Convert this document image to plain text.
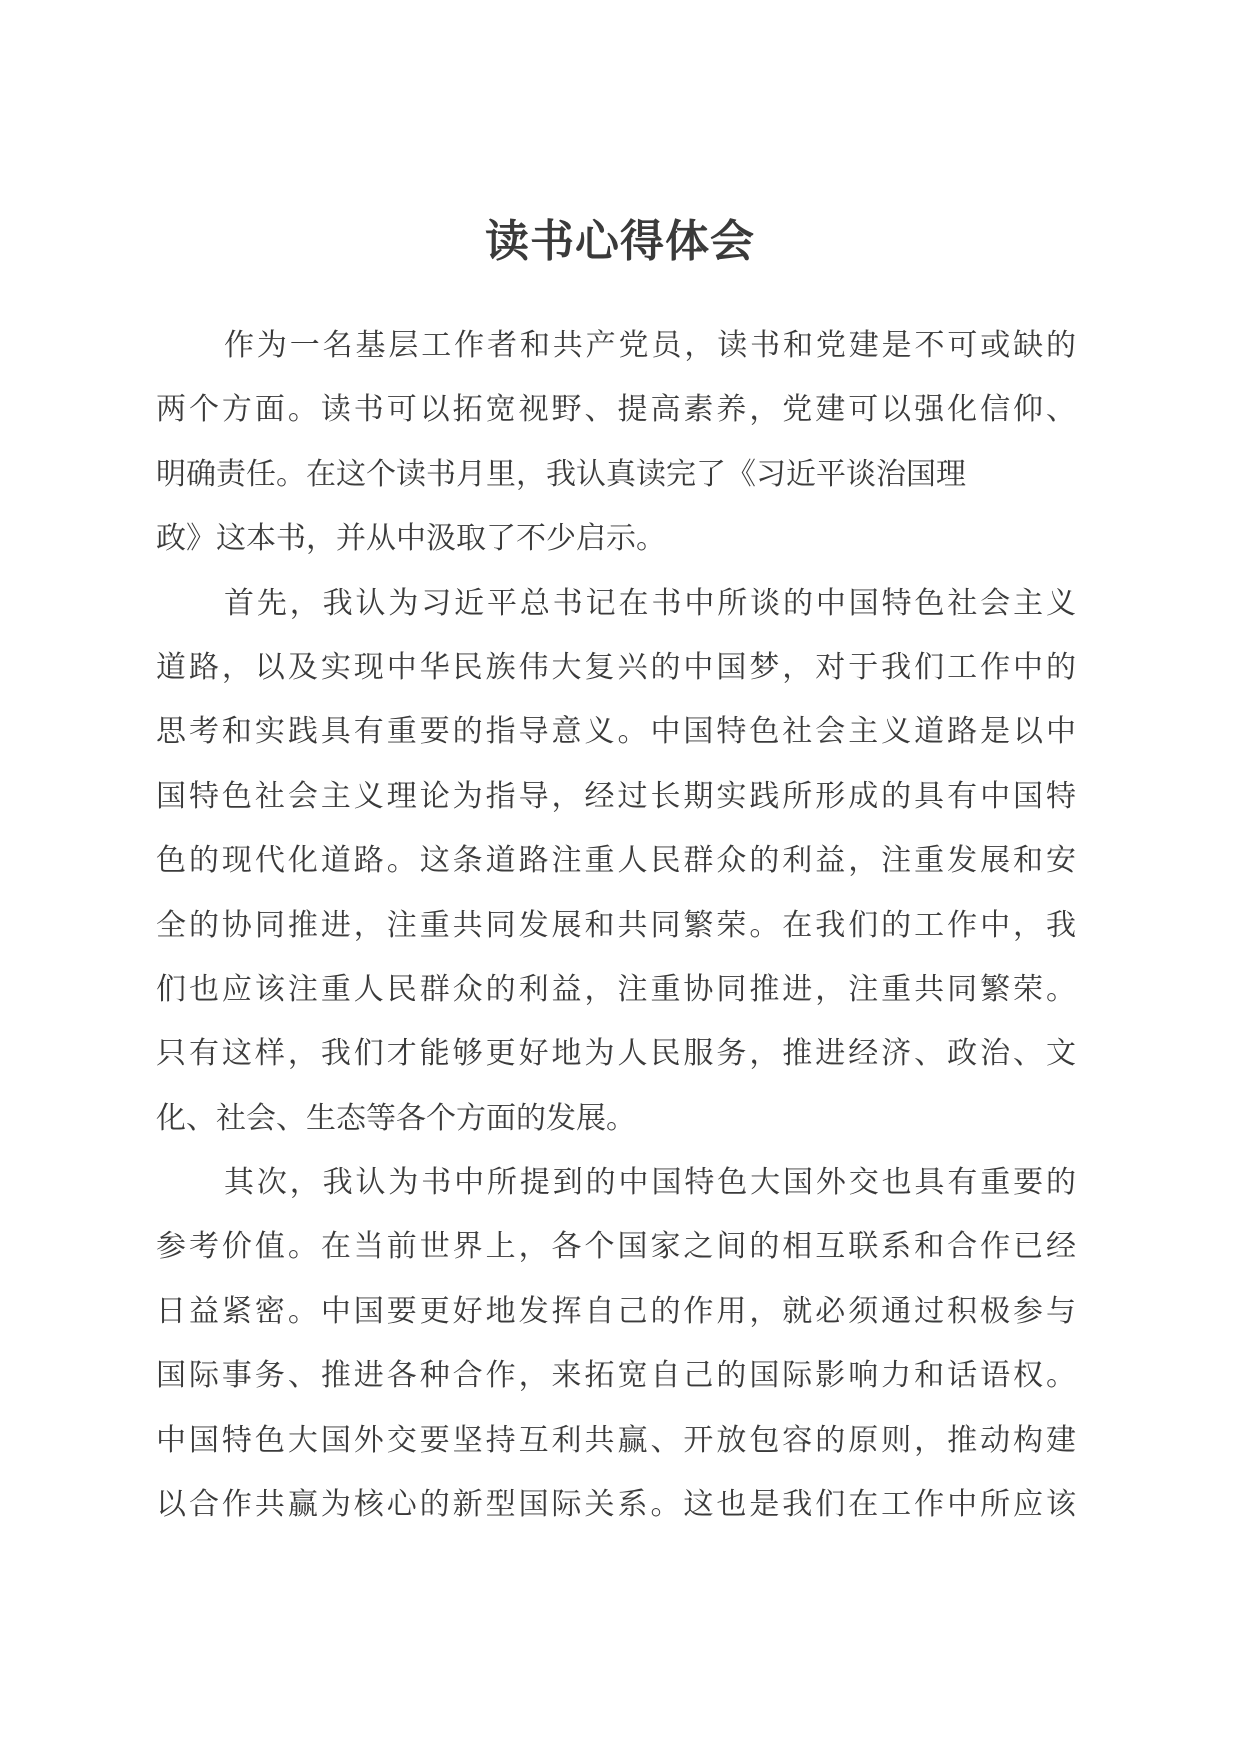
读书心得体会
作为一名基层工作者和共产党员，读书和党建是不可或缺的
两个方面。读书可以拓宽视野、提高素养，党建可以强化信仰、
明确责任。在这个读书月里，我认真读完了《习近平谈治国理
政》这本书，并从中汲取了不少启示。
首先，我认为习近平总书记在书中所谈的中国特色社会主义
道路，以及实现中华民族伟大复兴的中国梦，对于我们工作中的
思考和实践具有重要的指导意义。中国特色社会主义道路是以中
国特色社会主义理论为指导，经过长期实践所形成的具有中国特
色的现代化道路。这条道路注重人民群众的利益，注重发展和安
全的协同推进，注重共同发展和共同繁荣。在我们的工作中，我
们也应该注重人民群众的利益，注重协同推进，注重共同繁荣。
只有这样，我们才能够更好地为人民服务，推进经济、政治、文
化、社会、生态等各个方面的发展。
其次，我认为书中所提到的中国特色大国外交也具有重要的
参考价值。在当前世界上，各个国家之间的相互联系和合作已经
日益紧密。中国要更好地发挥自己的作用，就必须通过积极参与
国际事务、推进各种合作，来拓宽自己的国际影响力和话语权。
中国特色大国外交要坚持互利共赢、开放包容的原则，推动构建
以合作共赢为核心的新型国际关系。这也是我们在工作中所应该
